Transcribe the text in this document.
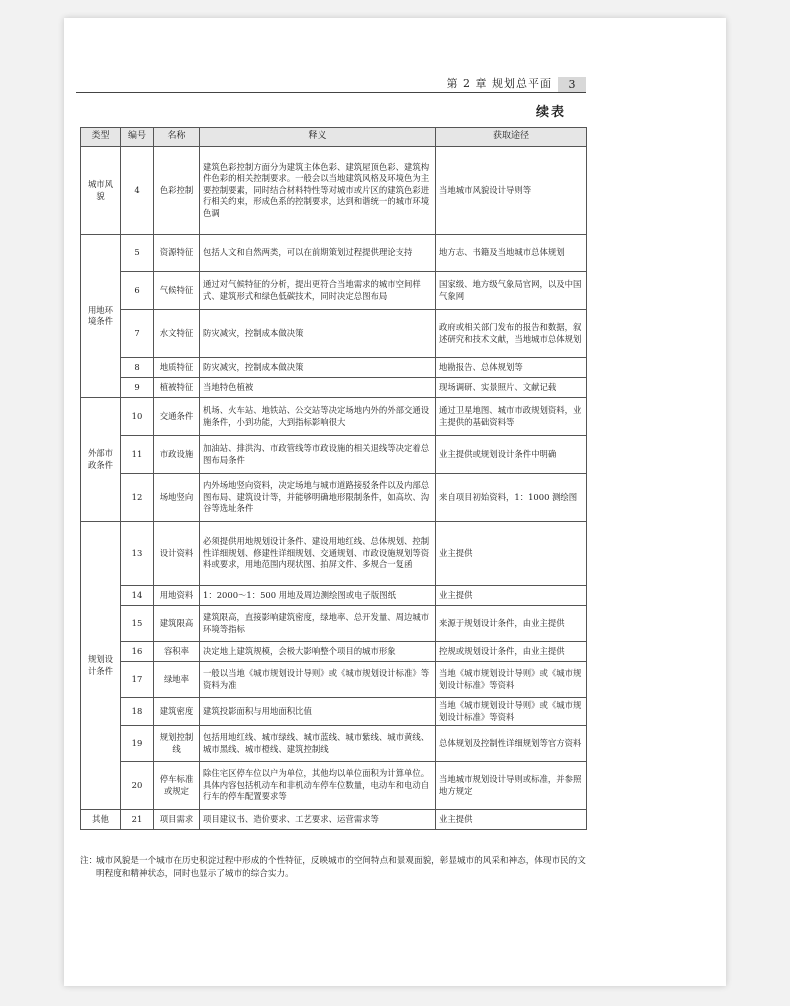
第 2 章 规划总平面	3
续表
类型	编号	名称	释义	获取途径
城市风貌	4	色彩控制	建筑色彩控制方面分为建筑主体色彩、建筑屋顶色彩、建筑构件色彩的相关控制要求。一般会以当地建筑风格及环境色为主要控制要素，同时结合材料特性等对城市或片区的建筑色彩进行相关约束，形成色系的控制要求，达到和谐统一的城市环境色调	当地城市风貌设计导则等
用地环境条件	5	资源特征	包括人文和自然两类，可以在前期策划过程提供理论支持	地方志、书籍及当地城市总体规划
	6	气候特征	通过对气候特征的分析，提出更符合当地需求的城市空间样式、建筑形式和绿色低碳技术，同时决定总图布局	国家级、地方级气象局官网，以及中国气象网
	7	水文特征	防灾减灾，控制成本做决策	政府或相关部门发布的报告和数据，叙述研究和技术文献，当地城市总体规划
	8	地质特征	防灾减灾，控制成本做决策	地勘报告、总体规划等
	9	植被特征	当地特色植被	现场调研、实景照片、文献记载
外部市政条件	10	交通条件	机场、火车站、地铁站、公交站等决定场地内外的外部交通设施条件，小到功能，大到指标影响很大	通过卫星地图、城市市政规划资料，业主提供的基础资料等
	11	市政设施	加油站、排洪沟、市政管线等市政设施的相关退线等决定着总图布局条件	业主提供或规划设计条件中明确
	12	场地竖向	内外场地竖向资料，决定场地与城市道路接驳条件以及内部总图布局、建筑设计等，并能够明确地形限制条件，如高坎、沟谷等选址条件	来自项目初始资料，1：1000 测绘图
规划设计条件	13	设计资料	必须提供用地规划设计条件、建设用地红线、总体规划、控制性详细规划、修建性详细规划、交通规划、市政设施规划等资料或要求，用地范围内现状图、拍屏文件、多规合一复函	业主提供
	14	用地资料	1：2000～1：500 用地及周边测绘图或电子版图纸	业主提供
	15	建筑限高	建筑限高，直接影响建筑密度，绿地率、总开发量、周边城市环境等指标	来源于规划设计条件，由业主提供
	16	容积率	决定地上建筑规模，会极大影响整个项目的城市形象	控规或规划设计条件，由业主提供
	17	绿地率	一般以当地《城市规划设计导则》或《城市规划设计标准》等资料为准	当地《城市规划设计导则》或《城市规划设计标准》等资料
	18	建筑密度	建筑投影面积与用地面积比值	当地《城市规划设计导则》或《城市规划设计标准》等资料
	19	规划控制线	包括用地红线、城市绿线、城市蓝线、城市紫线、城市黄线、城市黑线、城市橙线、建筑控制线	总体规划及控制性详细规划等官方资料
	20	停车标准或规定	除住宅区停车位以户为单位，其他均以单位面积为计算单位。具体内容包括机动车和非机动车停车位数量，电动车和电动自行车的停车配置要求等	当地城市规划设计导则或标准，并参照地方规定
其他	21	项目需求	项目建议书、造价要求、工艺要求、运营需求等	业主提供
注：
城市风貌是一个城市在历史积淀过程中形成的个性特征，反映城市的空间特点和景观面貌，彰显城市的风采和神态，体现市民的文明程度和精神状态，同时也显示了城市的综合实力。
